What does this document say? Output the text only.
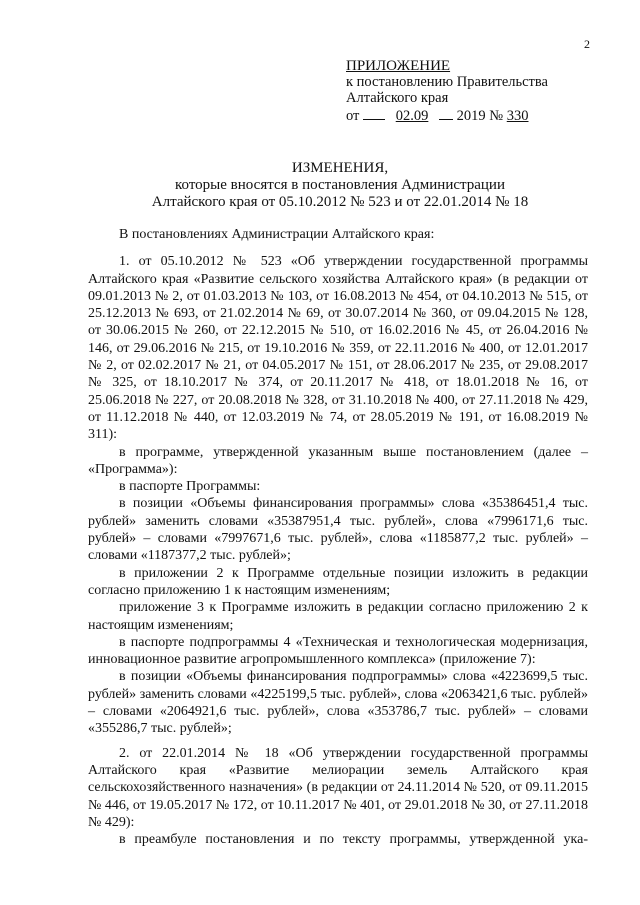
2
ПРИЛОЖЕНИЕ
к постановлению Правительства
Алтайского края
от	02.09 2019 № 330
ИЗМЕНЕНИЯ,
которые вносятся в постановления Администрации
Алтайского края от 05.10.2012 № 523 и от 22.01.2014 № 18

В постановлениях Администрации Алтайского края:

1. от 05.10.2012 № 523 «Об утверждении государственной программы Алтайского края «Развитие сельского хозяйства Алтайского края» (в редакции от 09.01.2013 № 2, от 01.03.2013 № 103, от 16.08.2013 № 454, от 04.10.2013 № 515, от 25.12.2013 № 693, от 21.02.2014 № 69, от 30.07.2014 № 360, от 09.04.2015 № 128, от 30.06.2015 № 260, от 22.12.2015 № 510, от 16.02.2016 № 45, от 26.04.2016 № 146, от 29.06.2016 № 215, от 19.10.2016 № 359, от 22.11.2016 № 400, от 12.01.2017 № 2, от 02.02.2017 № 21, от 04.05.2017 № 151, от 28.06.2017 № 235, от 29.08.2017 № 325, от 18.10.2017 № 374, от 20.11.2017 № 418, от 18.01.2018 № 16, от 25.06.2018 № 227, от 20.08.2018 № 328, от 31.10.2018 № 400, от 27.11.2018 № 429, от 11.12.2018 № 440, от 12.03.2019 № 74, от 28.05.2019 № 191, от 16.08.2019 № 311):

в программе, утвержденной указанным выше постановлением (далее – «Программа»):

в паспорте Программы:

в позиции «Объемы финансирования программы» слова «35386451,4 тыс. рублей» заменить словами «35387951,4 тыс. рублей», слова «7996171,6 тыс. рублей» – словами «7997671,6 тыс. рублей», слова «1185877,2 тыс. рублей» – словами «1187377,2 тыс. рублей»;

в приложении 2 к Программе отдельные позиции изложить в редакции согласно приложению 1 к настоящим изменениям;

приложение 3 к Программе изложить в редакции согласно приложению 2 к настоящим изменениям;

в паспорте подпрограммы 4 «Техническая и технологическая модернизация, инновационное развитие агропромышленного комплекса» (приложение 7):

в позиции «Объемы финансирования подпрограммы» слова «4223699,5 тыс. рублей» заменить словами «4225199,5 тыс. рублей», слова «2063421,6 тыс. рублей» – словами «2064921,6 тыс. рублей», слова «353786,7 тыс. рублей» – словами «355286,7 тыс. рублей»;

2. от 22.01.2014 № 18 «Об утверждении государственной программы Алтайского края «Развитие мелиорации земель Алтайского края сельскохозяйственного назначения» (в редакции от 24.11.2014 № 520, от 09.11.2015 № 446, от 19.05.2017 № 172, от 10.11.2017 № 401, от 29.01.2018 № 30, от 27.11.2018 № 429):

в преамбуле постановления и по тексту программы, утвержденной ука-
